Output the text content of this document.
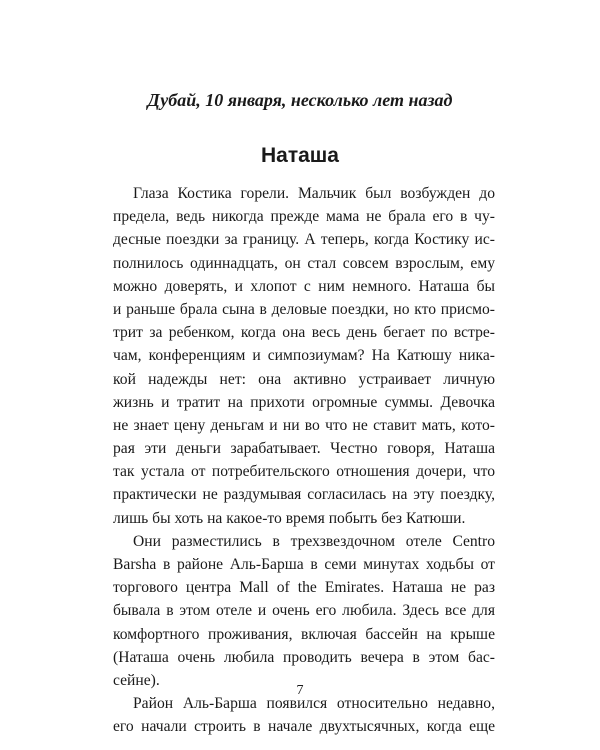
Дубай, 10 января, несколько лет назад
Наташа
Глаза Костика горели. Мальчик был возбужден до
предела, ведь никогда прежде мама не брала его в чу-
десные поездки за границу. А теперь, когда Костику ис-
полнилось одиннадцать, он стал совсем взрослым, ему
можно доверять, и хлопот с ним немного. Наташа бы
и раньше брала сына в деловые поездки, но кто присмо-
трит за ребенком, когда она весь день бегает по встре-
чам, конференциям и симпозиумам? На Катюшу ника-
кой надежды нет: она активно устраивает личную
жизнь и тратит на прихоти огромные суммы. Девочка
не знает цену деньгам и ни во что не ставит мать, кото-
рая эти деньги зарабатывает. Честно говоря, Наташа
так устала от потребительского отношения дочери, что
практически не раздумывая согласилась на эту поездку,
лишь бы хоть на какое-то время побыть без Катюши.
Они разместились в трехзвездочном отеле Centro
Barsha в районе Аль-Барша в семи минутах ходьбы от
торгового центра Mall of the Emirates. Наташа не раз
бывала в этом отеле и очень его любила. Здесь все для
комфортного проживания, включая бассейн на крыше
(Наташа очень любила проводить вечера в этом бас-
сейне).
Район Аль-Барша появился относительно недавно,
его начали строить в начале двухтысячных, когда еще
7
